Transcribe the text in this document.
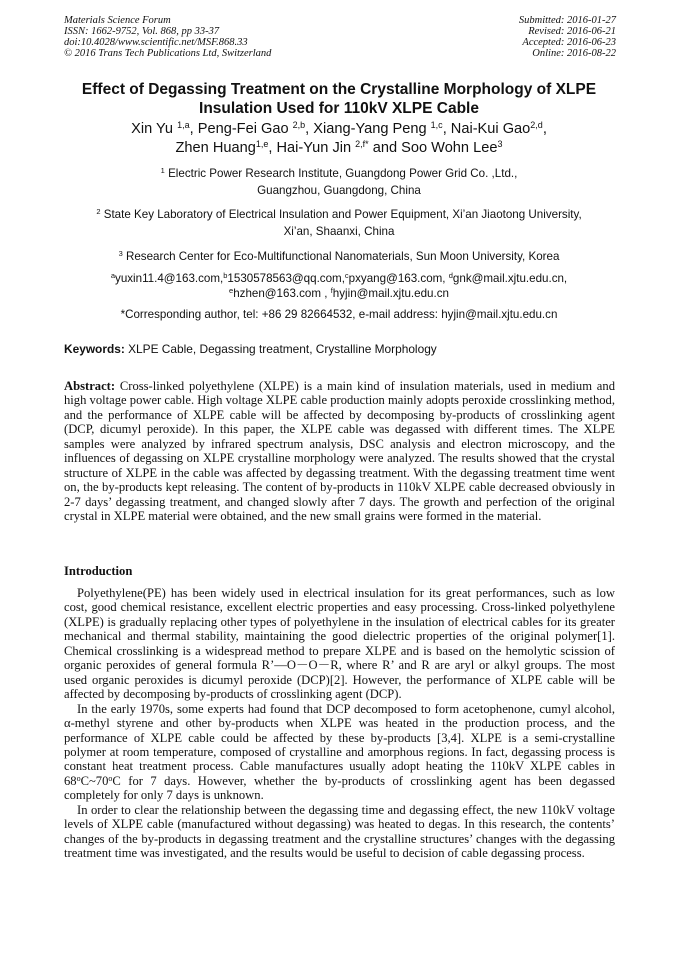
Materials Science Forum
ISSN: 1662-9752, Vol. 868, pp 33-37
doi:10.4028/www.scientific.net/MSF.868.33
© 2016 Trans Tech Publications Ltd, Switzerland
Submitted: 2016-01-27
Revised: 2016-06-21
Accepted: 2016-06-23
Online: 2016-08-22
Effect of Degassing Treatment on the Crystalline Morphology of XLPE
Insulation Used for 110kV XLPE Cable
Xin Yu $^{1,a}$, Peng-Fei Gao $^{2,b}$, Xiang-Yang Peng $^{1,c}$, Nai-Kui Gao$^{2,d}$,
Zhen Huang$^{1,e}$, Hai-Yun Jin $^{2,f*}$ and Soo Wohn Lee$^3$
$^1$ Electric Power Research Institute, Guangdong Power Grid Co. ,Ltd.,
Guangzhou, Guangdong, China
$^2$ State Key Laboratory of Electrical Insulation and Power Equipment, Xi’an Jiaotong University,
Xi’an, Shaanxi, China
$^3$ Research Center for Eco-Multifunctional Nanomaterials, Sun Moon University, Korea
$^a$yuxin11.4@163.com,$^b$1530578563@qq.com,$^c$pxyang@163.com, $^d$gnk@mail.xjtu.edu.cn,
$^e$hzhen@163.com , $^f$hyjin@mail.xjtu.edu.cn
*Corresponding author, tel: +86 29 82664532, e-mail address: hyjin@mail.xjtu.edu.cn
Keywords: XLPE Cable, Degassing treatment, Crystalline Morphology
Abstract: Cross-linked polyethylene (XLPE) is a main kind of insulation materials, used in medium and high voltage power cable. High voltage XLPE cable production mainly adopts peroxide crosslinking method, and the performance of XLPE cable will be affected by decomposing by-products of crosslinking agent (DCP, dicumyl peroxide). In this paper, the XLPE cable was degassed with different times. The XLPE samples were analyzed by infrared spectrum analysis, DSC analysis and electron microscopy, and the influences of degassing on XLPE crystalline morphology were analyzed. The results showed that the crystal structure of XLPE in the cable was affected by degassing treatment. With the degassing treatment time went on, the by-products kept releasing. The content of by-products in 110kV XLPE cable decreased obviously in 2-7 days’ degassing treatment, and changed slowly after 7 days. The growth and perfection of the original crystal in XLPE material were obtained, and the new small grains were formed in the material.
Introduction

Polyethylene(PE) has been widely used in electrical insulation for its great performances, such as low cost, good chemical resistance, excellent electric properties and easy processing. Cross-linked polyethylene (XLPE) is gradually replacing other types of polyethylene in the insulation of electrical cables for its greater mechanical and thermal stability, maintaining the good dielectric properties of the original polymer[1]. Chemical crosslinking is a widespread method to prepare XLPE and is based on the hemolytic scission of organic peroxides of general formula R’—O－O－R, where R’ and R are aryl or alkyl groups. The most used organic peroxides is dicumyl peroxide (DCP)[2]. However, the performance of XLPE cable will be affected by decomposing by-products of crosslinking agent (DCP).

In the early 1970s, some experts had found that DCP decomposed to form acetophenone, cumyl alcohol, α-methyl styrene and other by-products when XLPE was heated in the production process, and the performance of XLPE cable could be affected by these by-products [3,4]. XLPE is a semi-crystalline polymer at room temperature, composed of crystalline and amorphous regions. In fact, degassing process is constant heat treatment process. Cable manufactures usually adopt heating the 110kV XLPE cables in 68$^o$C~70$^o$C for 7 days. However, whether the by-products of crosslinking agent has been degassed completely for only 7 days is unknown.

In order to clear the relationship between the degassing time and degassing effect, the new 110kV voltage levels of XLPE cable (manufactured without degassing) was heated to degas. In this research, the contents’ changes of the by-products in degassing treatment and the crystalline structures’ changes with the degassing treatment time was investigated, and the results would be useful to decision of cable degassing process.
